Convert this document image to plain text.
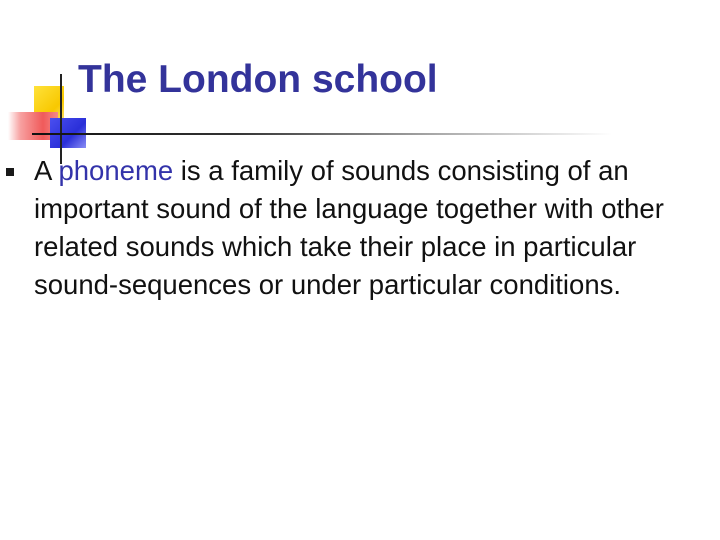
The London school
A phoneme is a family of sounds consisting of an important sound of the language together with other related sounds which take their place in particular sound-sequences or under particular conditions.
